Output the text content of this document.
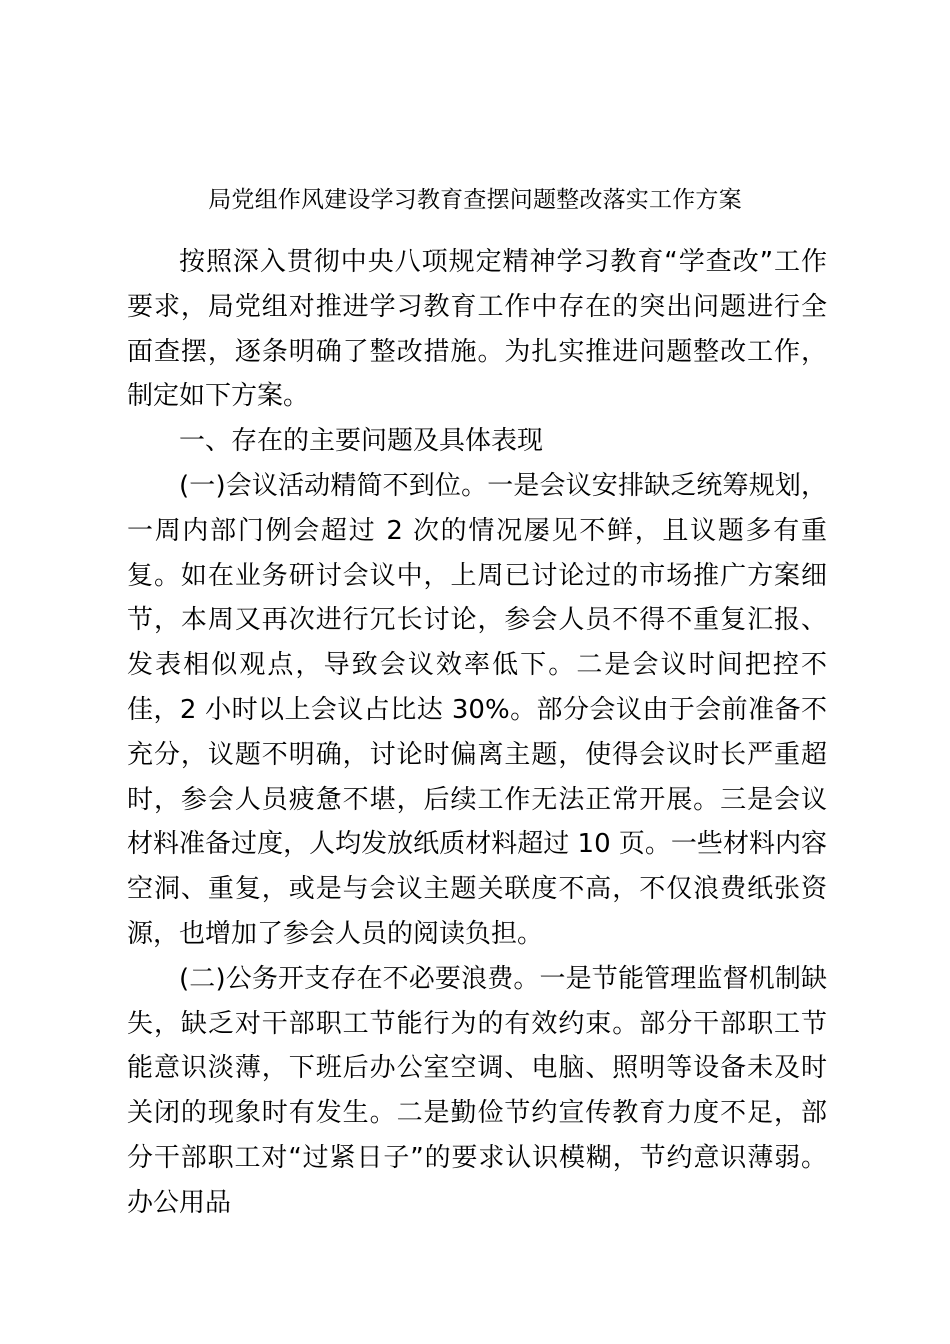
局党组作风建设学习教育查摆问题整改落实工作方案

按照深入贯彻中央八项规定精神学习教育“学查改”工作要求，局党组对推进学习教育工作中存在的突出问题进行全面查摆，逐条明确了整改措施。为扎实推进问题整改工作，制定如下方案。

一、存在的主要问题及具体表现

(一)会议活动精简不到位。一是会议安排缺乏统筹规划，一周内部门例会超过 2 次的情况屡见不鲜，且议题多有重复。如在业务研讨会议中，上周已讨论过的市场推广方案细节，本周又再次进行冗长讨论，参会人员不得不重复汇报、发表相似观点，导致会议效率低下。二是会议时间把控不佳，2 小时以上会议占比达 30%。部分会议由于会前准备不充分，议题不明确，讨论时偏离主题，使得会议时长严重超时，参会人员疲惫不堪，后续工作无法正常开展。三是会议材料准备过度，人均发放纸质材料超过 10 页。一些材料内容空洞、重复，或是与会议主题关联度不高，不仅浪费纸张资源，也增加了参会人员的阅读负担。

(二)公务开支存在不必要浪费。一是节能管理监督机制缺失，缺乏对干部职工节能行为的有效约束。部分干部职工节能意识淡薄，下班后办公室空调、电脑、照明等设备未及时关闭的现象时有发生。二是勤俭节约宣传教育力度不足，部分干部职工对“过紧日子”的要求认识模糊，节约意识薄弱。办公用品
